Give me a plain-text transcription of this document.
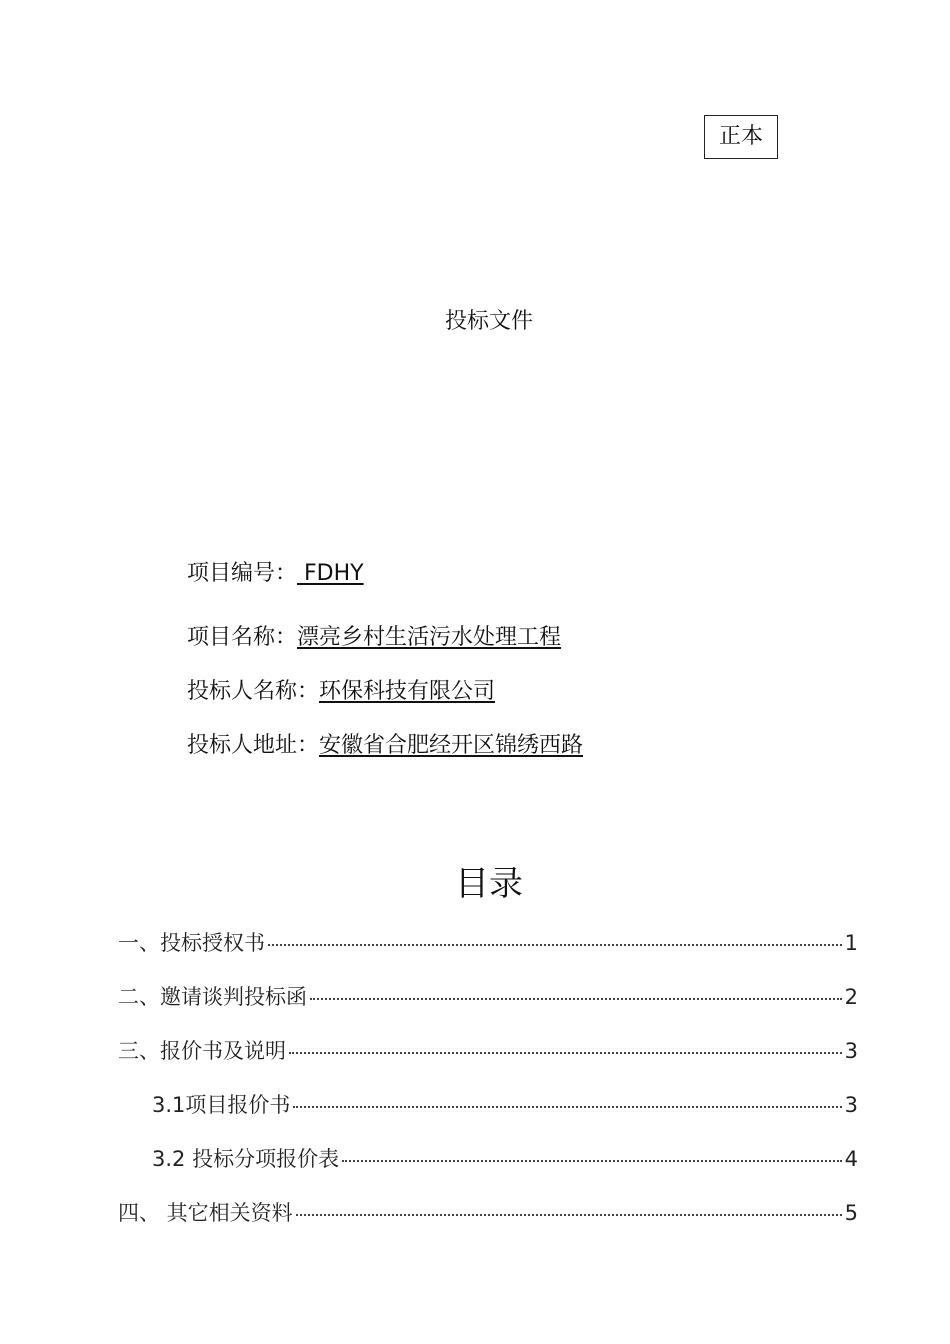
正本
投标文件
项目编号： FDHY
项目名称：漂亮乡村生活污水处理工程
投标人名称：环保科技有限公司
投标人地址：安徽省合肥经开区锦绣西路
目录
一、投标授权书	1
二、邀请谈判投标函	2
三、报价书及说明	3
3.1项目报价书	3
3.2 投标分项报价表	4
四、 其它相关资料	5
